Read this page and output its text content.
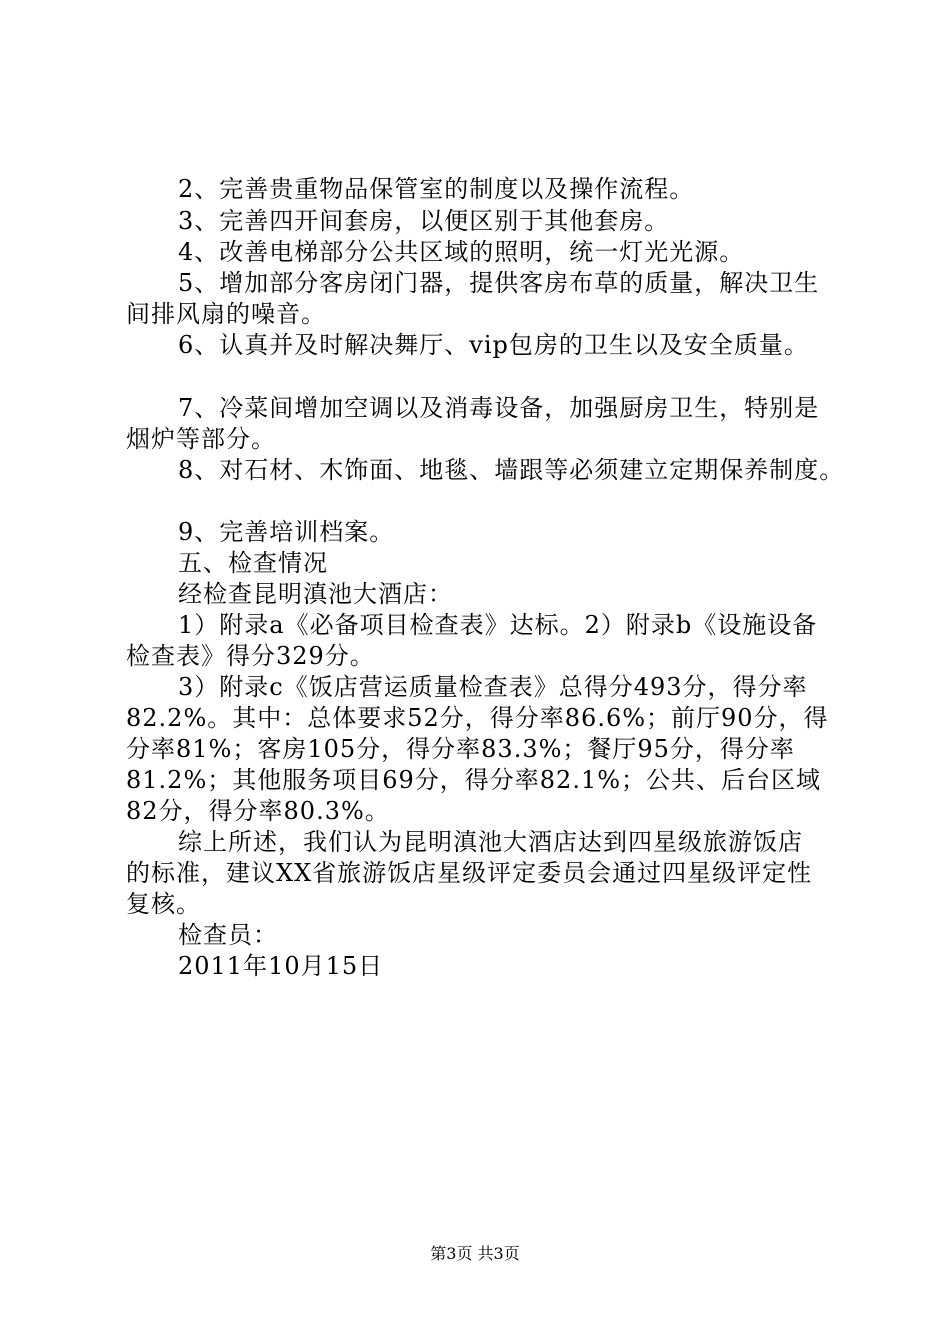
2、完善贵重物品保管室的制度以及操作流程。
3、完善四开间套房，以便区别于其他套房。
4、改善电梯部分公共区域的照明，统一灯光光源。
5、增加部分客房闭门器，提供客房布草的质量，解决卫生
间排风扇的噪音。
6、认真并及时解决舞厅、vip包房的卫生以及安全质量。
7、冷菜间增加空调以及消毒设备，加强厨房卫生，特别是
烟炉等部分。
8、对石材、木饰面、地毯、墙跟等必须建立定期保养制度。
9、完善培训档案。
五、检查情况
经检查昆明滇池大酒店：
1）附录a《必备项目检查表》达标。2）附录b《设施设备
检查表》得分329分。
3）附录c《饭店营运质量检查表》总得分493分，得分率
82.2%。其中：总体要求52分，得分率86.6%；前厅90分，得
分率81%；客房105分，得分率83.3%；餐厅95分，得分率
81.2%；其他服务项目69分，得分率82.1%；公共、后台区域
82分，得分率80.3%。
综上所述，我们认为昆明滇池大酒店达到四星级旅游饭店
的标准，建议XX省旅游饭店星级评定委员会通过四星级评定性
复核。
检查员：
2011年10月15日
第3页 共3页
